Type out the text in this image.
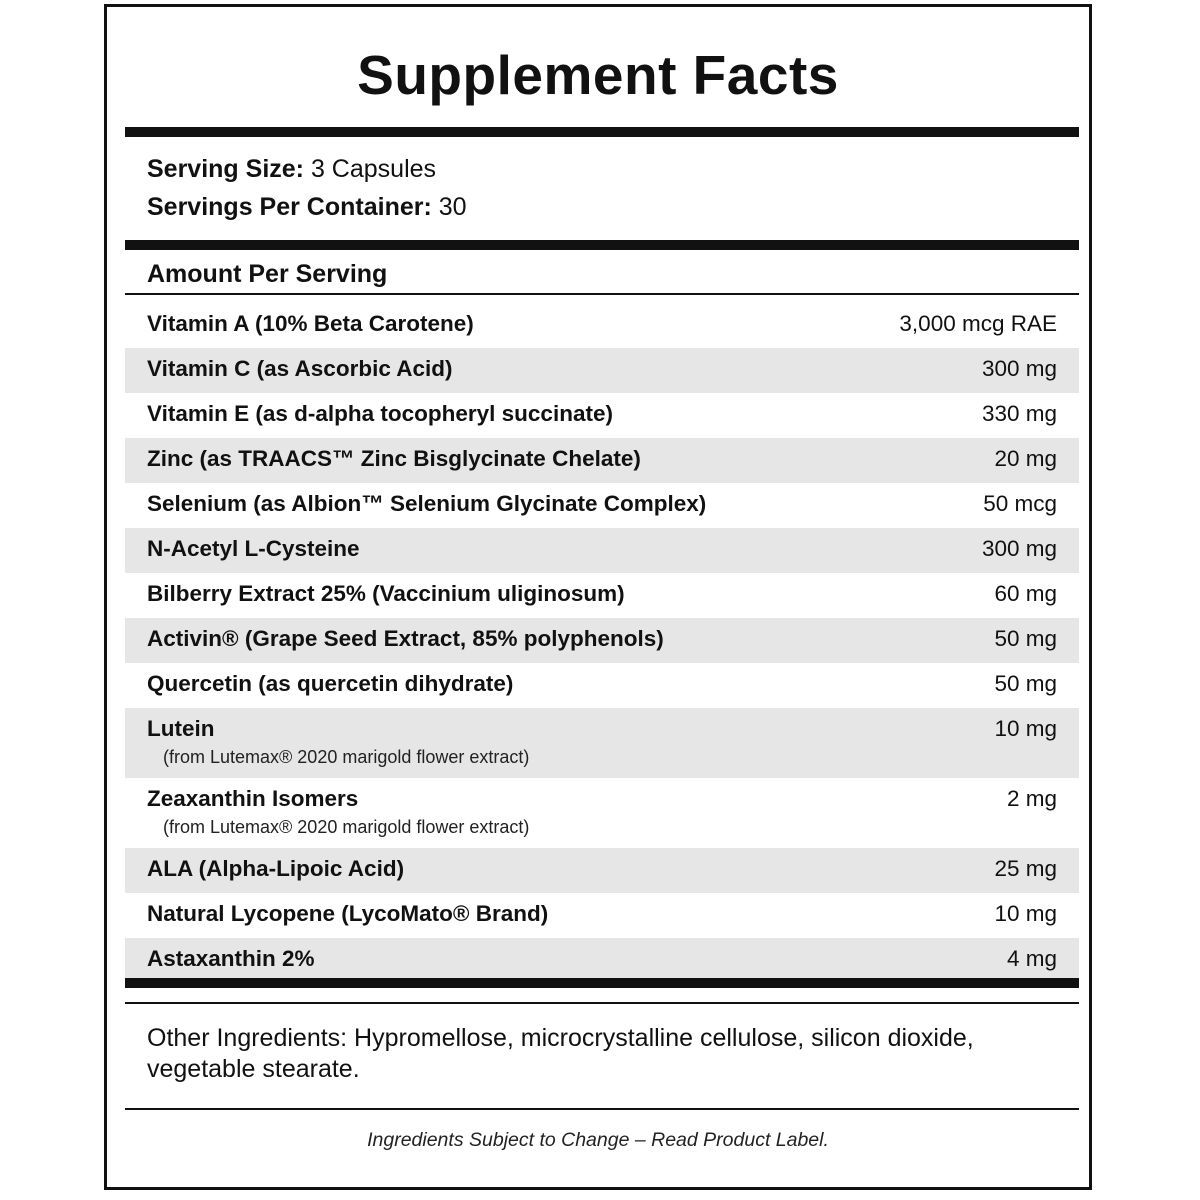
Supplement Facts
Serving Size: 3 Capsules
Servings Per Container: 30
Amount Per Serving
Vitamin A (10% Beta Carotene)	3,000 mcg RAE
Vitamin C (as Ascorbic Acid)	300 mg
Vitamin E (as d-alpha tocopheryl succinate)	330 mg
Zinc (as TRAACS™ Zinc Bisglycinate Chelate)	20 mg
Selenium (as Albion™ Selenium Glycinate Complex)	50 mcg
N-Acetyl L-Cysteine	300 mg
Bilberry Extract 25% (Vaccinium uliginosum)	60 mg
Activin® (Grape Seed Extract, 85% polyphenols)	50 mg
Quercetin (as quercetin dihydrate)	50 mg
Lutein	10 mg
(from Lutemax® 2020 marigold flower extract)
Zeaxanthin Isomers	2 mg
(from Lutemax® 2020 marigold flower extract)
ALA (Alpha-Lipoic Acid)	25 mg
Natural Lycopene (LycoMato® Brand)	10 mg
Astaxanthin 2%	4 mg
Other Ingredients: Hypromellose, microcrystalline cellulose, silicon dioxide, vegetable stearate.
Ingredients Subject to Change – Read Product Label.
